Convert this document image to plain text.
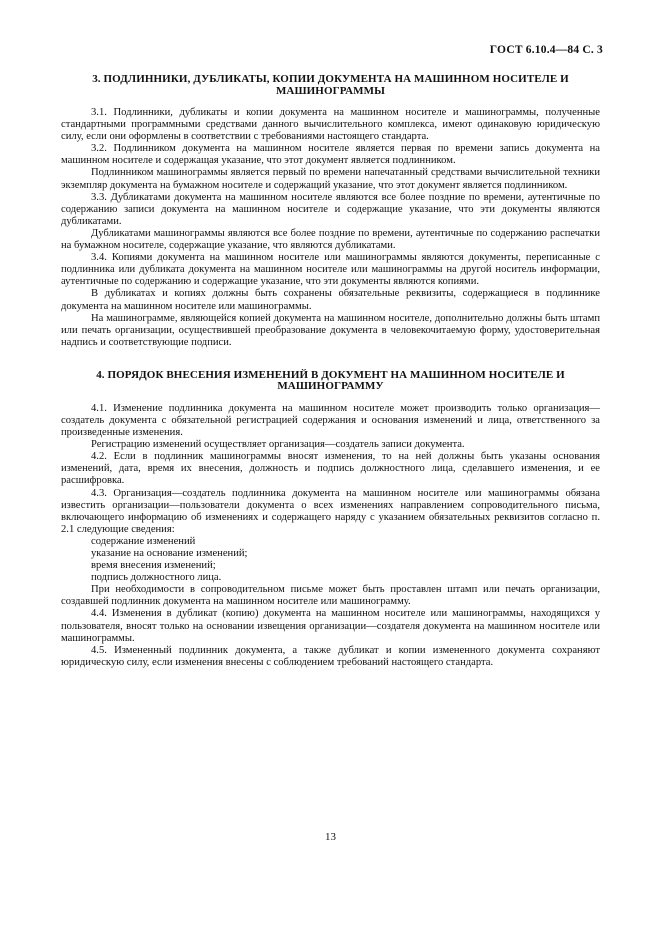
ГОСТ 6.10.4—84 С. 3
3. ПОДЛИННИКИ, ДУБЛИКАТЫ, КОПИИ ДОКУМЕНТА НА МАШИННОМ НОСИТЕЛЕ И МАШИНОГРАММЫ

3.1. Подлинники, дубликаты и копии документа на машинном носителе и машинограммы, полученные стандартными программными средствами данного вычислительного комплекса, имеют одинаковую юридическую силу, если они оформлены в соответствии с требованиями настоящего стандарта.

3.2. Подлинником документа на машинном носителе является первая по времени запись документа на машинном носителе и содержащая указание, что этот документ является подлинником.

Подлинником машинограммы является первый по времени напечатанный средствами вычислительной техники экземпляр документа на бумажном носителе и содержащий указание, что этот документ является подлинником.

3.3. Дубликатами документа на машинном носителе являются все более поздние по времени, аутентичные по содержанию записи документа на машинном носителе и содержащие указание, что эти документы являются дубликатами.

Дубликатами машинограммы являются все более поздние по времени, аутентичные по содержанию распечатки на бумажном носителе, содержащие указание, что являются дубликатами.

3.4. Копиями документа на машинном носителе или машинограммы являются документы, переписанные с подлинника или дубликата документа на машинном носителе или машинограммы на другой носитель информации, аутентичные по содержанию и содержащие указание, что эти документы являются копиями.

В дубликатах и копиях должны быть сохранены обязательные реквизиты, содержащиеся в подлиннике документа на машинном носителе или машинограммы.

На машинограмме, являющейся копией документа на машинном носителе, дополнительно должны быть штамп или печать организации, осуществившей преобразование документа в человекочитаемую форму, удостоверительная надпись и соответствующие подписи.

4. ПОРЯДОК ВНЕСЕНИЯ ИЗМЕНЕНИЙ В ДОКУМЕНТ НА МАШИННОМ НОСИТЕЛЕ И МАШИНОГРАММУ

4.1. Изменение подлинника документа на машинном носителе может производить только организация—создатель документа с обязательной регистрацией содержания и основания изменений и лица, ответственного за произведенные изменения.

Регистрацию изменений осуществляет организация—создатель записи документа.

4.2. Если в подлинник машинограммы вносят изменения, то на ней должны быть указаны основания изменений, дата, время их внесения, должность и подпись должностного лица, сделавшего изменения, и ее расшифровка.

4.3. Организация—создатель подлинника документа на машинном носителе или машинограммы обязана известить организации—пользователи документа о всех изменениях направлением сопроводительного письма, включающего информацию об изменениях и содержащего наряду с указанием обязательных реквизитов согласно п. 2.1 следующие сведения:

содержание изменений

указание на основание изменений;

время внесения изменений;

подпись должностного лица.

При необходимости в сопроводительном письме может быть проставлен штамп или печать организации, создавшей подлинник документа на машинном носителе или машинограмму.

4.4. Изменения в дубликат (копию) документа на машинном носителе или машинограммы, находящихся у пользователя, вносят только на основании извещения организации—создателя документа на машинном носителе или машинограммы.

4.5. Измененный подлинник документа, а также дубликат и копии измененного документа сохраняют юридическую силу, если изменения внесены с соблюдением требований настоящего стандарта.

13
